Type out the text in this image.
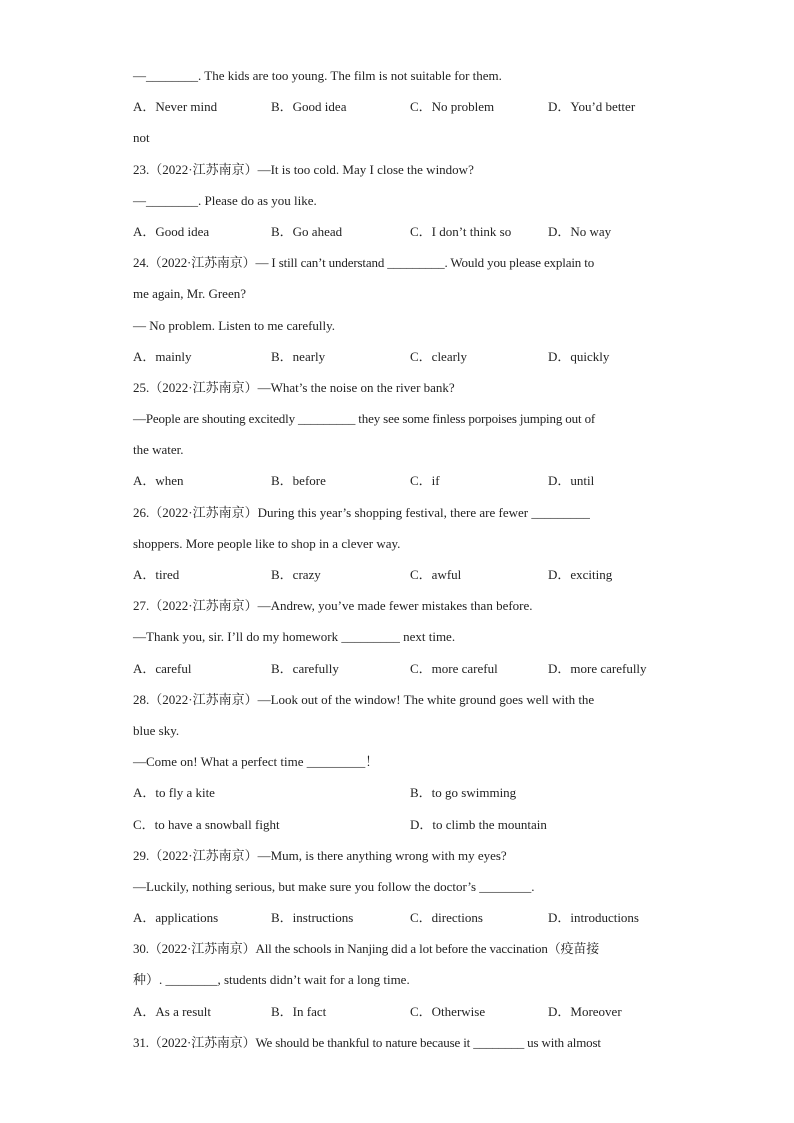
—________. The kids are too young. The film is not suitable for them.
A．Never mind	B．Good idea	C．No problem	D．You’d better
not
23.（2022·江苏南京）—It is too cold. May I close the window?
—________. Please do as you like.
A．Good idea	B．Go ahead	C．I don’t think so	D．No way
24.（2022·江苏南京）— I still can’t understand _________. Would you please explain to
me again, Mr. Green?
— No problem. Listen to me carefully.
A．mainly	B．nearly	C．clearly	D．quickly
25.（2022·江苏南京）—What’s the noise on the river bank?
—People are shouting excitedly _________ they see some finless porpoises jumping out of
the water.
A．when	B．before	C．if	D．until
26.（2022·江苏南京）During this year’s shopping festival, there are fewer _________
shoppers. More people like to shop in a clever way.
A．tired	B．crazy	C．awful	D．exciting
27.（2022·江苏南京）—Andrew, you’ve made fewer mistakes than before.
—Thank you, sir. I’ll do my homework _________ next time.
A．careful	B．carefully	C．more careful	D．more carefully
28.（2022·江苏南京）—Look out of the window! The white ground goes well with the
blue sky.
—Come on! What a perfect time _________！
A．to fly a kite	B．to go swimming
C．to have a snowball fight	D．to climb the mountain
29.（2022·江苏南京）—Mum, is there anything wrong with my eyes?
—Luckily, nothing serious, but make sure you follow the doctor’s ________.
A．applications	B．instructions	C．directions	D．introductions
30.（2022·江苏南京）All the schools in Nanjing did a lot before the vaccination（疫苗接
种）. ________, students didn’t wait for a long time.
A．As a result	B．In fact	C．Otherwise	D．Moreover
31.（2022·江苏南京）We should be thankful to nature because it ________ us with almost
